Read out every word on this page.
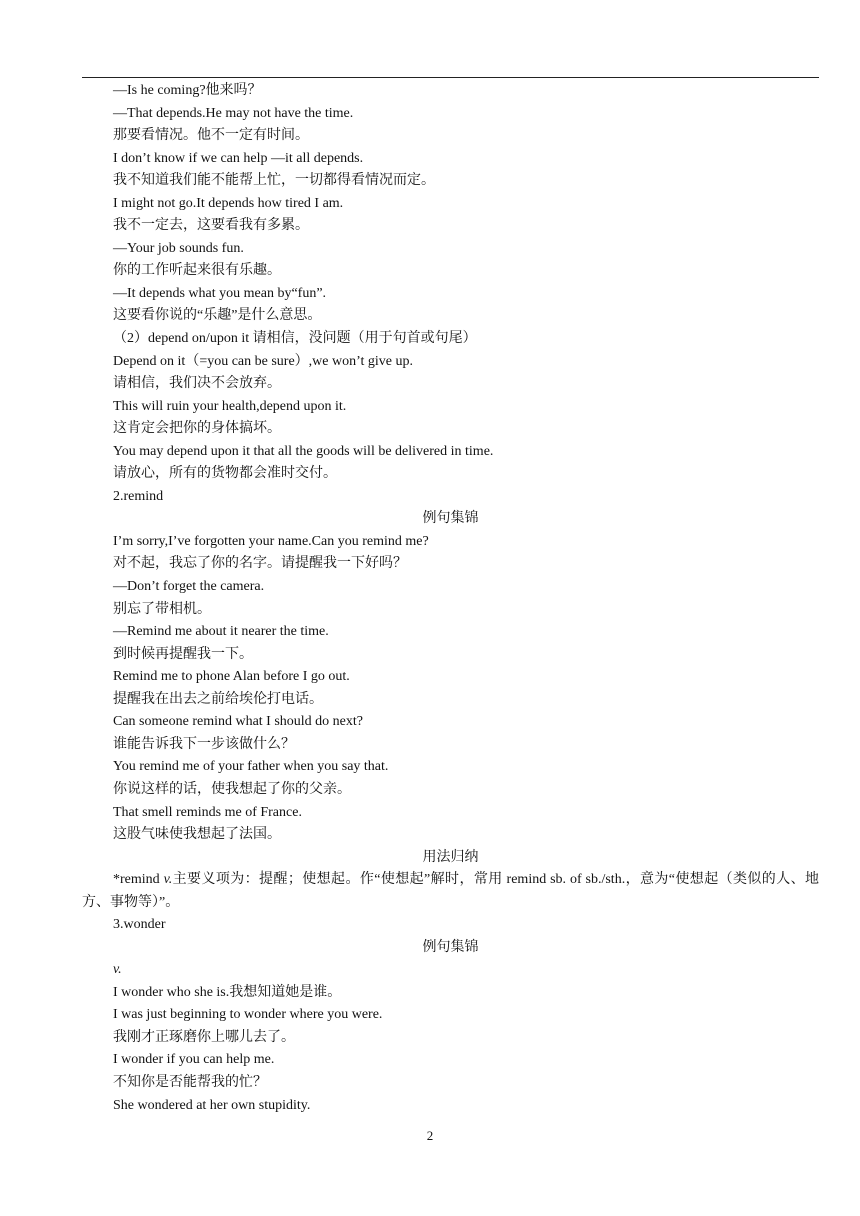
—Is he coming?他来吗？
—That depends.He may not have the time.
那要看情况。他不一定有时间。
I don’t know if we can help —it all depends.
我不知道我们能不能帮上忙，一切都得看情况而定。
I might not go.It depends how tired I am.
我不一定去，这要看我有多累。
—Your job sounds fun.
你的工作听起来很有乐趣。
—It depends what you mean by“fun”.
这要看你说的“乐趣”是什么意思。
（2）depend on/upon it 请相信，没问题（用于句首或句尾）
Depend on it（=you can be sure）,we won’t give up.
请相信，我们决不会放弃。
This will ruin your health,depend upon it.
这肯定会把你的身体搞坏。
You may depend upon it that all the goods will be delivered in time.
请放心，所有的货物都会准时交付。
2.remind
例句集锦
I’m sorry,I’ve forgotten your name.Can you remind me?
对不起，我忘了你的名字。请提醒我一下好吗？
—Don’t forget the camera.
别忘了带相机。
—Remind me about it nearer the time.
到时候再提醒我一下。
Remind me to phone Alan before I go out.
提醒我在出去之前给埃伦打电话。
Can someone remind what I should do next?
谁能告诉我下一步该做什么？
You remind me of your father when you say that.
你说这样的话，使我想起了你的父亲。
That smell reminds me of France.
这股气味使我想起了法国。
用法归纳
*remind v.主要义项为：提醒；使想起。作“使想起”解时，常用 remind sb. of sb./sth.，意为“使想起（类似的人、地方、事物等）”。
3.wonder
例句集锦
v.
I wonder who she is.我想知道她是谁。
I was just beginning to wonder where you were.
我刚才正琢磨你上哪儿去了。
I wonder if you can help me.
不知你是否能帮我的忙？
She wondered at her own stupidity.
2
